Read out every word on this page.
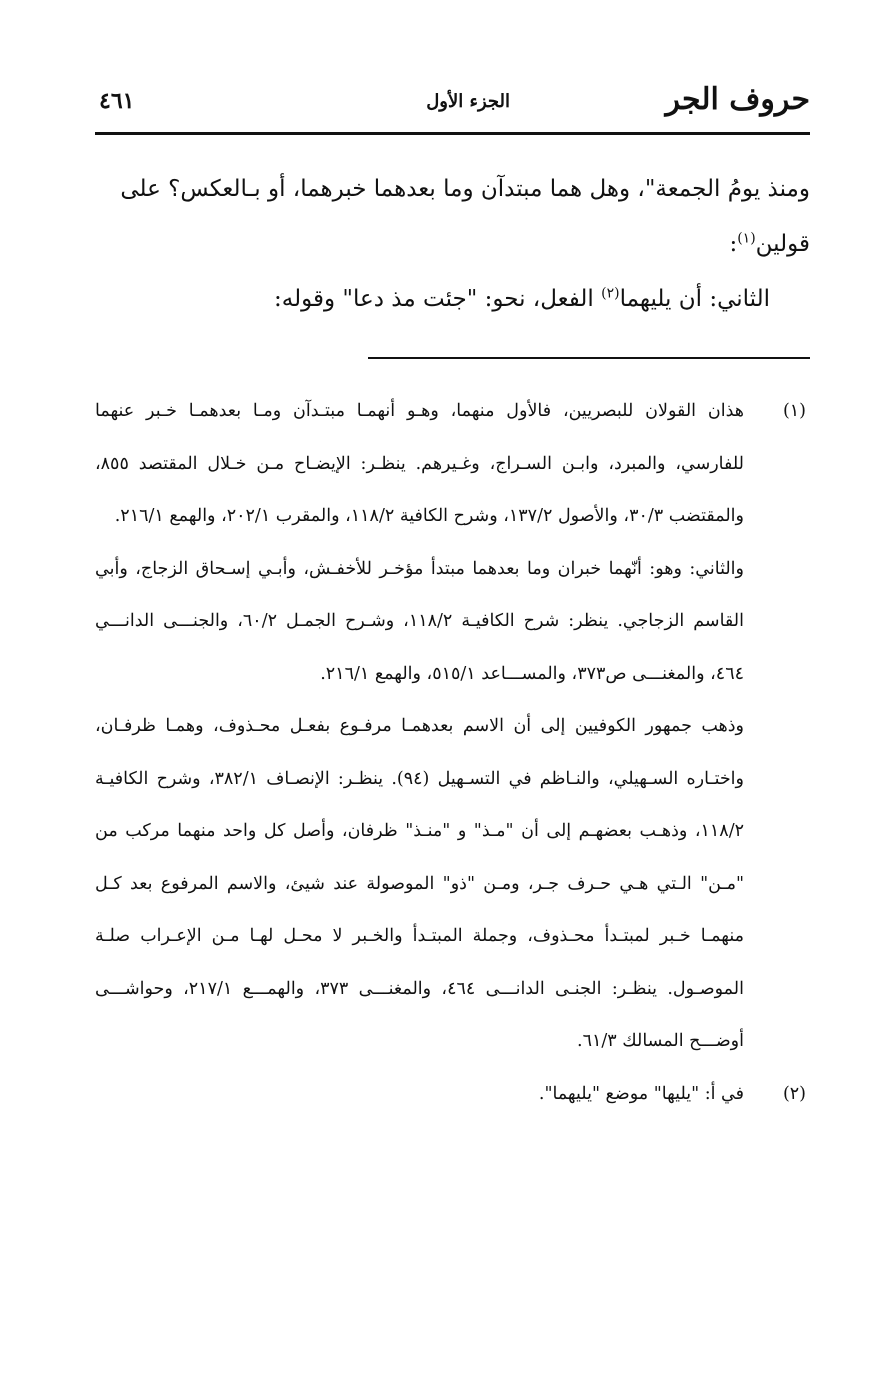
حروف الجر
الجزء الأول
٤٦١

ومنذ يومُ الجمعة"، وهل هما مبتدآن وما بعدهما خبرهما، أو بـالعكس؟ على

قولين$^{(١)}$:

الثاني: أن يليهما$^{(٢)}$ الفعل، نحو: "جئت مذ دعا" وقوله:

(١)

هذان القولان للبصريين، فالأول منهما، وهـو أنهمـا مبتـدآن ومـا بعدهمـا خـبر عنهما للفارسي، والمبرد، وابـن السـراج، وغـيرهم. ينظـر: الإيضـاح مـن خـلال المقتصد ٨٥٥، والمقتضب ٣٠/٣، والأصول ١٣٧/٢، وشرح الكافية ١١٨/٢، والمقرب ٢٠٢/١، والهمع ٢١٦/١.

والثاني: وهو: أنّهما خبران وما بعدهما مبتدأ مؤخـر للأخفـش، وأبـي إسـحاق الزجاج، وأبي القاسم الزجاجي. ينظر: شرح الكافيـة ١١٨/٢، وشـرح الجمـل ٦٠/٢، والجنـــى الدانـــي ٤٦٤، والمغنـــى ص٣٧٣، والمســـاعد ٥١٥/١، والهمع ٢١٦/١.

وذهب جمهور الكوفيين إلى أن الاسم بعدهمـا مرفـوع بفعـل محـذوف، وهمـا ظرفـان، واختـاره السـهيلي، والنـاظم في التسـهيل (٩٤). ينظـر: الإنصـاف ٣٨٢/١، وشرح الكافيـة ١١٨/٢، وذهـب بعضهـم إلى أن "مـذ" و "منـذ" ظرفان، وأصل كل واحد منهما مركب من "مـن" الـتي هـي حـرف جـر، ومـن "ذو" الموصولة عند شيئ، والاسم المرفوع بعد كـل منهمـا خـبر لمبتـدأ محـذوف، وجملة المبتـدأ والخـبر لا محـل لهـا مـن الإعـراب صلـة الموصـول. ينظـر: الجنـى الدانـــى ٤٦٤، والمغنـــى ٣٧٣، والهمـــع ٢١٧/١، وحواشـــى أوضـــح المسالك ٦١/٣.

(٢)

في أ: "يليها" موضع "يليهما".
